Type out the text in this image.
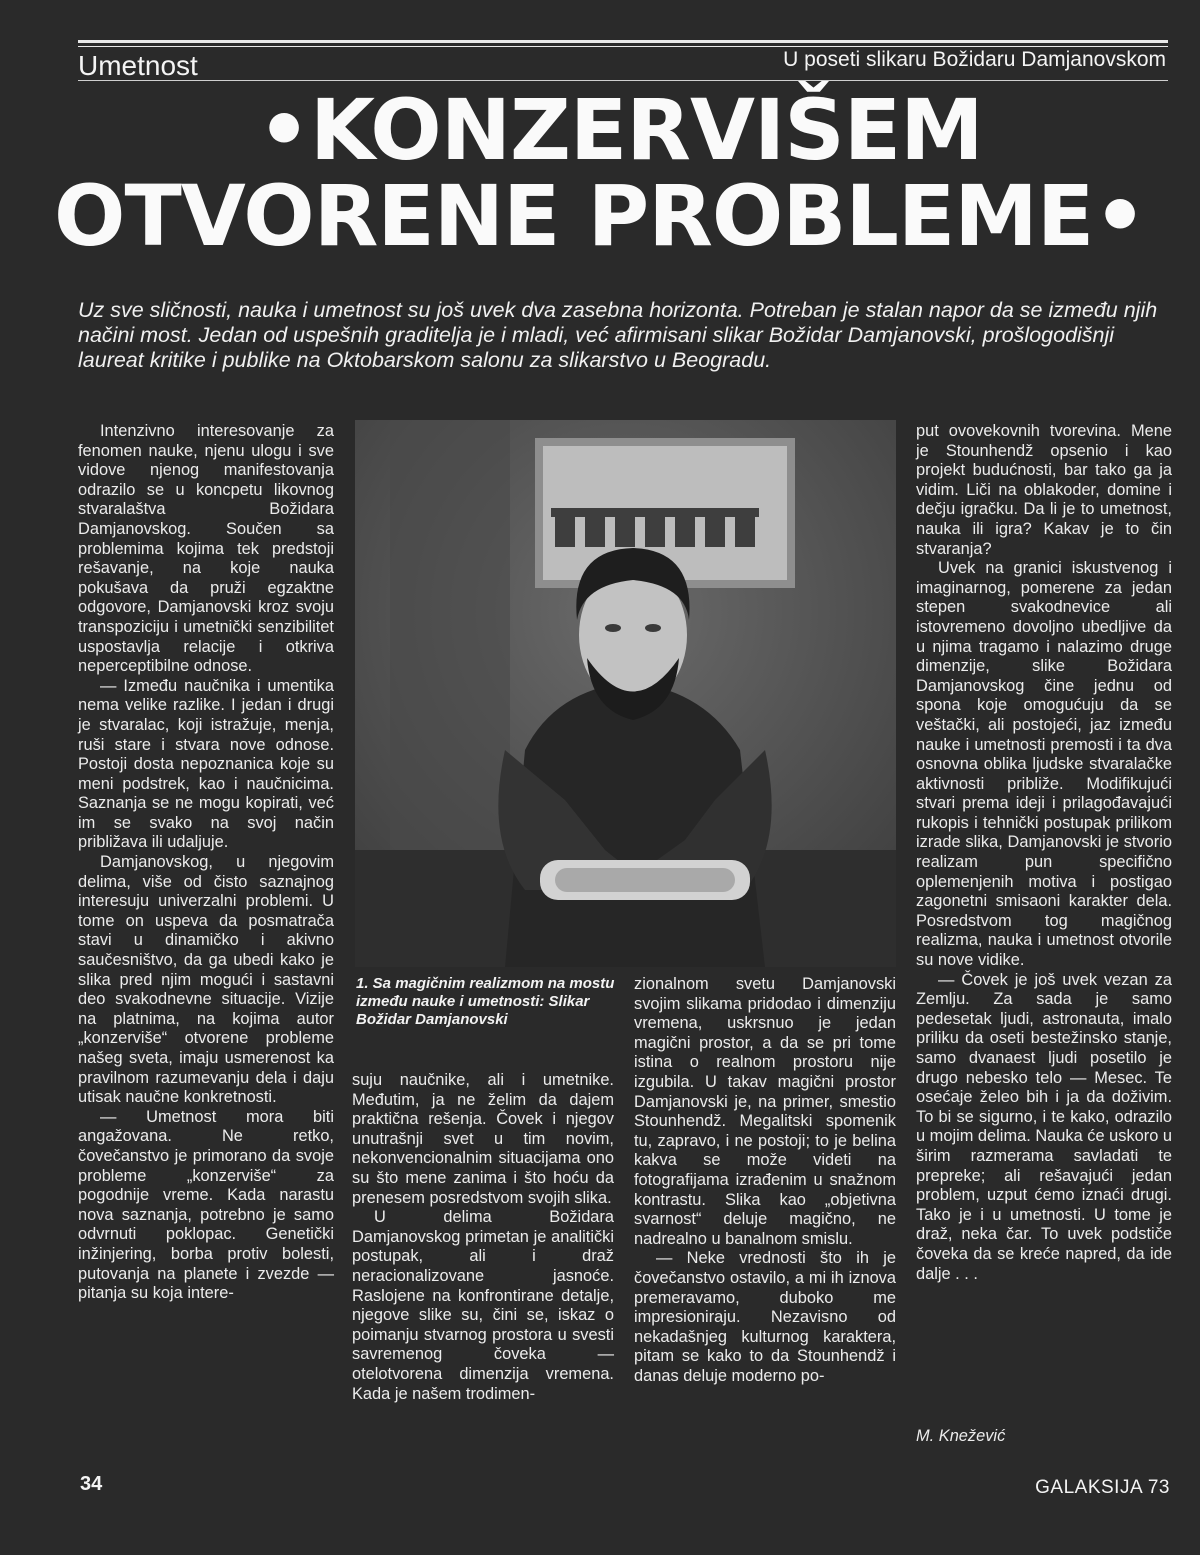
Umetnost	U poseti slikaru Božidaru Damjanovskom
•KONZERVIŠEM
OTVORENE PROBLEME•
Uz sve sličnosti, nauka i umetnost su još uvek dva zasebna horizonta. Potreban je stalan napor da se između njih načini most. Jedan od uspešnih graditelja je i mladi, već afirmisani slikar Božidar Damjanovski, prošlogodišnji laureat kritike i publike na Oktobarskom salonu za slikarstvo u Beogradu.

Intenzivno interesovanje za fenomen nauke, njenu ulogu i sve vidove njenog manifestovanja odrazilo se u koncpetu likovnog stvaralaštva Božidara Damjanovskog. Součen sa problemima kojima tek predstoji rešavanje, na koje nauka pokušava da pruži egzaktne odgovore, Damjanovski kroz svoju transpoziciju i umetnički senzibilitet uspostavlja relacije i otkriva neperceptibilne odnose.

— Između naučnika i umentika nema velike razlike. I jedan i drugi je stvaralac, koji istražuje, menja, ruši stare i stvara nove odnose. Postoji dosta nepoznanica koje su meni podstrek, kao i naučnicima. Saznanja se ne mogu kopirati, već im se svako na svoj način približava ili udaljuje.

Damjanovskog, u njegovim delima, više od čisto saznajnog interesuju univerzalni problemi. U tome on uspeva da posmatrača stavi u dinamičko i akivno saučesništvo, da ga ubedi kako je slika pred njim mogući i sastavni deo svakodnevne situacije. Vizije na platnima, na kojima autor „konzerviše“ otvorene probleme našeg sveta, imaju usmerenost ka pravilnom razumevanju dela i daju utisak naučne konkretnosti.

— Umetnost mora biti angažovana. Ne retko, čovečanstvo je primorano da svoje probleme „konzerviše“ za pogodnije vreme. Kada narastu nova saznanja, potrebno je samo odvrnuti poklopac. Genetički inžinjering, borba protiv bolesti, putovanja na planete i zvezde — pitanja su koja intere-

1. Sa magičnim realizmom na mostu između nauke i umetnosti: Slikar Božidar Damjanovski

suju naučnike, ali i umetnike. Međutim, ja ne želim da dajem praktična rešenja. Čovek i njegov unutrašnji svet u tim novim, nekonvencionalnim situacijama ono su što mene zanima i što hoću da prenesem posredstvom svojih slika.

U delima Božidara Damjanovskog primetan je analitički postupak, ali i draž neracionalizovane jasnoće. Raslojene na konfrontirane detalje, njegove slike su, čini se, iskaz o poimanju stvarnog prostora u svesti savremenog čoveka — otelotvorena dimenzija vremena. Kada je našem trodimen-

zionalnom svetu Damjanovski svojim slikama pridodao i dimenziju vremena, uskrsnuo je jedan magični prostor, a da se pri tome istina o realnom prostoru nije izgubila. U takav magični prostor Damjanovski je, na primer, smestio Stounhendž. Megalitski spomenik tu, zapravo, i ne postoji; to je belina kakva se može videti na fotografijama izrađenim u snažnom kontrastu. Slika kao „objetivna svarnost“ deluje magično, ne nadrealno u banalnom smislu.

— Neke vrednosti što ih je čovečanstvo ostavilo, a mi ih iznova premeravamo, duboko me impresioniraju. Nezavisno od nekadašnjeg kulturnog karaktera, pitam se kako to da Stounhendž i danas deluje moderno po-

put ovovekovnih tvorevina. Mene je Stounhendž opsenio i kao projekt budućnosti, bar tako ga ja vidim. Liči na oblakoder, domine i dečju igračku. Da li je to umetnost, nauka ili igra? Kakav je to čin stvaranja?

Uvek na granici iskustvenog i imaginarnog, pomerene za jedan stepen svakodnevice ali istovremeno dovoljno ubedljive da u njima tragamo i nalazimo druge dimenzije, slike Božidara Damjanovskog čine jednu od spona koje omogućuju da se veštački, ali postojeći, jaz između nauke i umetnosti premosti i ta dva osnovna oblika ljudske stvaralačke aktivnosti približe. Modifikujući stvari prema ideji i prilagođavajući rukopis i tehnički postupak prilikom izrade slika, Damjanovski je stvorio realizam pun specifično oplemenjenih motiva i postigao zagonetni smisaoni karakter dela. Posredstvom tog magičnog realizma, nauka i umetnost otvorile su nove vidike.

— Čovek je još uvek vezan za Zemlju. Za sada je samo pedesetak ljudi, astronauta, imalo priliku da oseti bestežinsko stanje, samo dvanaest ljudi posetilo je drugo nebesko telo — Mesec. Te osećaje želeo bih i ja da doživim. To bi se sigurno, i te kako, odrazilo u mojim delima. Nauka će uskoro u širim razmerama savladati te prepreke; ali rešavajući jedan problem, uzput ćemo iznaći drugi. Tako je i u umetnosti. U tome je draž, neka čar. To uvek podstiče čoveka da se kreće napred, da ide dalje . . .

M. Knežević
34	GALAKSIJA 73
